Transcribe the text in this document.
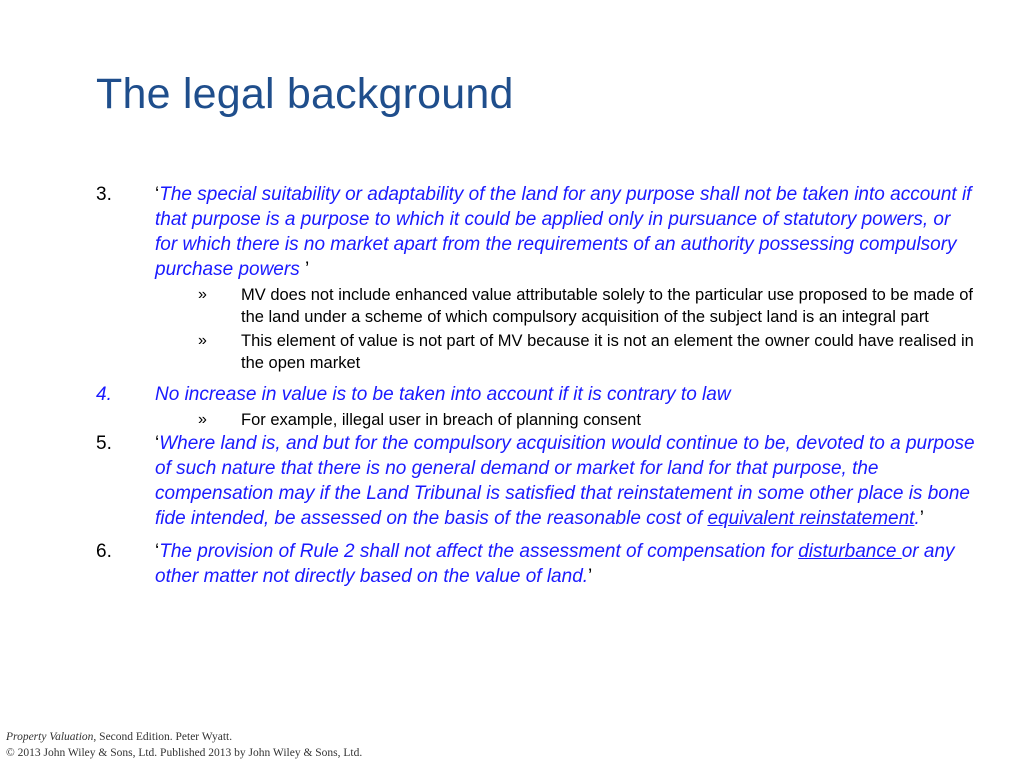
The legal background
3.	‘The special suitability or adaptability of the land for any purpose shall not be taken into account if that purpose is a purpose to which it could be applied only in pursuance of statutory powers, or for which there is no market apart from the requirements of an authority possessing compulsory purchase powers ’
» MV does not include enhanced value attributable solely to the particular use proposed to be made of the land under a scheme of which compulsory acquisition of the subject land is an integral part
» This element of value is not part of MV because it is not an element the owner could have realised in the open market
4.	No increase in value is to be taken into account if it is contrary to law
» For example, illegal user in breach of planning consent
5.	‘Where land is, and but for the compulsory acquisition would continue to be, devoted to a purpose of such nature that there is no general demand or market for land for that purpose, the compensation may if the Land Tribunal is satisfied that reinstatement in some other place is bone fide intended, be assessed on the basis of the reasonable cost of equivalent reinstatement.’
6.	‘The provision of Rule 2 shall not affect the assessment of compensation for disturbance or any other matter not directly based on the value of land.’
Property Valuation, Second Edition. Peter Wyatt.
© 2013 John Wiley & Sons, Ltd. Published 2013 by John Wiley & Sons, Ltd.
